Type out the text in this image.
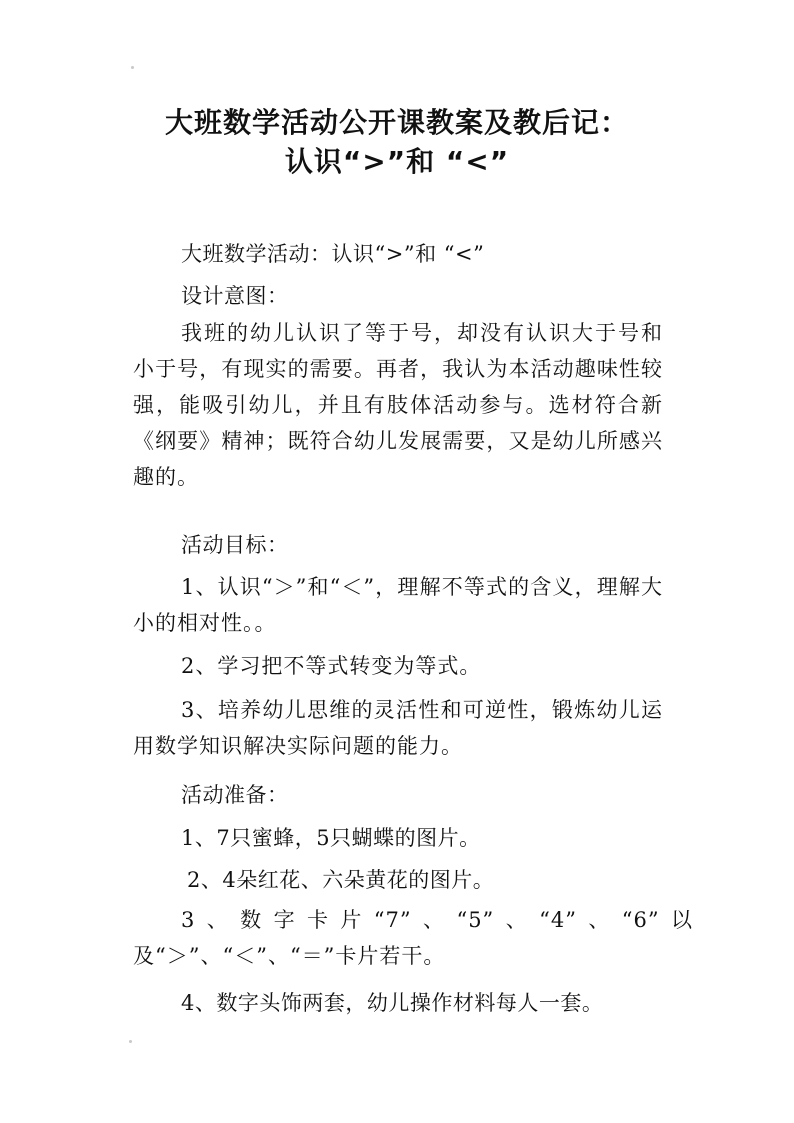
大班数学活动公开课教案及教后记：
认识“>”和 “<”
大班数学活动：认识“>”和 “<”
设计意图：

我班的幼儿认识了等于号，却没有认识大于号和小于号，有现实的需要。再者，我认为本活动趣味性较强，能吸引幼儿，并且有肢体活动参与。选材符合新《纲要》精神；既符合幼儿发展需要，又是幼儿所感兴趣的。

活动目标：

1、认识“＞”和“＜”，理解不等式的含义，理解大小的相对性。。

2、学习把不等式转变为等式。

3、培养幼儿思维的灵活性和可逆性，锻炼幼儿运用数学知识解决实际问题的能力。

活动准备：
1、7只蜜蜂，5只蝴蝶的图片。
2、4朵红花、六朵黄花的图片。

3、数字卡片“7”、“5”、“4”、“6”以及“＞”、“＜”、“＝”卡片若干。

4、数字头饰两套，幼儿操作材料每人一套。
